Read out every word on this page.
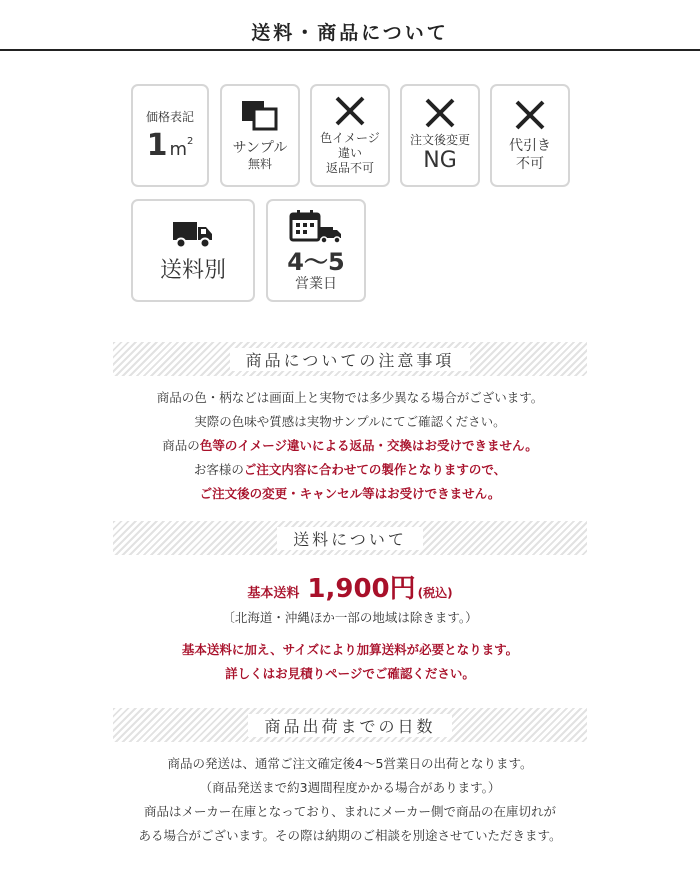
送料・商品について
価格表記
1 m 2	サンプル
無料
色イメージ
違い
返品不可
注文後変更
NG
代引き
不可
送料別	4〜5
営業日
商品についての注意事項
商品の色・柄などは画面上と実物では多少異なる場合がございます。
実際の色味や質感は実物サンプルにてご確認ください。
商品の色等のイメージ違いによる返品・交換はお受けできません。
お客様のご注文内容に合わせての製作となりますので、
ご注文後の変更・キャンセル等はお受けできません。
送料について
基本送料 1,900円 (税込)
〔北海道・沖縄ほか一部の地域は除きます。）
基本送料に加え、サイズにより加算送料が必要となります。
詳しくはお見積りページでご確認ください。
商品出荷までの日数
商品の発送は、通常ご注文確定後4〜5営業日の出荷となります。
（商品発送まで約3週間程度かかる場合があります。）
商品はメーカー在庫となっており、まれにメーカー側で商品の在庫切れが
ある場合がございます。その際は納期のご相談を別途させていただきます。
